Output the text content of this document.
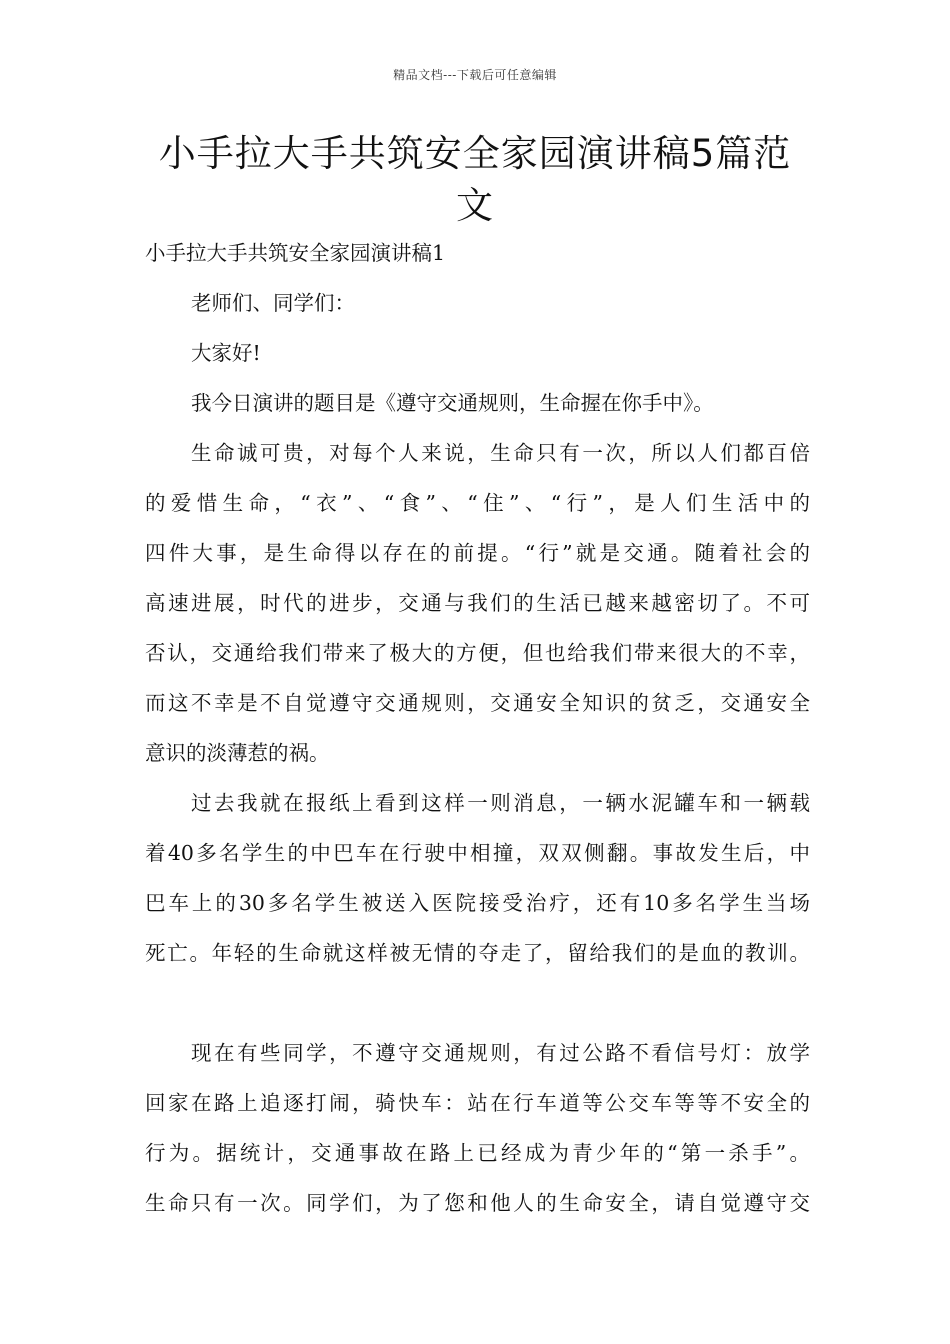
精品文档---下载后可任意编辑
小手拉大手共筑安全家园演讲稿5篇范文
小手拉大手共筑安全家园演讲稿1
老师们、同学们：
大家好!
我今日演讲的题目是《遵守交通规则，生命握在你手中》。
生命诚可贵，对每个人来说，生命只有一次，所以人们都百倍
的爱惜生命，“衣”、“食”、“住”、“行”，是人们生活中的
四件大事，是生命得以存在的前提。“行”就是交通。随着社会的
高速进展，时代的进步，交通与我们的生活已越来越密切了。不可
否认，交通给我们带来了极大的方便，但也给我们带来很大的不幸，
而这不幸是不自觉遵守交通规则，交通安全知识的贫乏，交通安全
意识的淡薄惹的祸。
过去我就在报纸上看到这样一则消息，一辆水泥罐车和一辆载
着40多名学生的中巴车在行驶中相撞，双双侧翻。事故发生后，中
巴车上的30多名学生被送入医院接受治疗，还有10多名学生当场
死亡。年轻的生命就这样被无情的夺走了，留给我们的是血的教训。
现在有些同学，不遵守交通规则，有过公路不看信号灯：放学
回家在路上追逐打闹，骑快车：站在行车道等公交车等等不安全的
行为。据统计，交通事故在路上已经成为青少年的“第一杀手”。
生命只有一次。同学们，为了您和他人的生命安全，请自觉遵守交
